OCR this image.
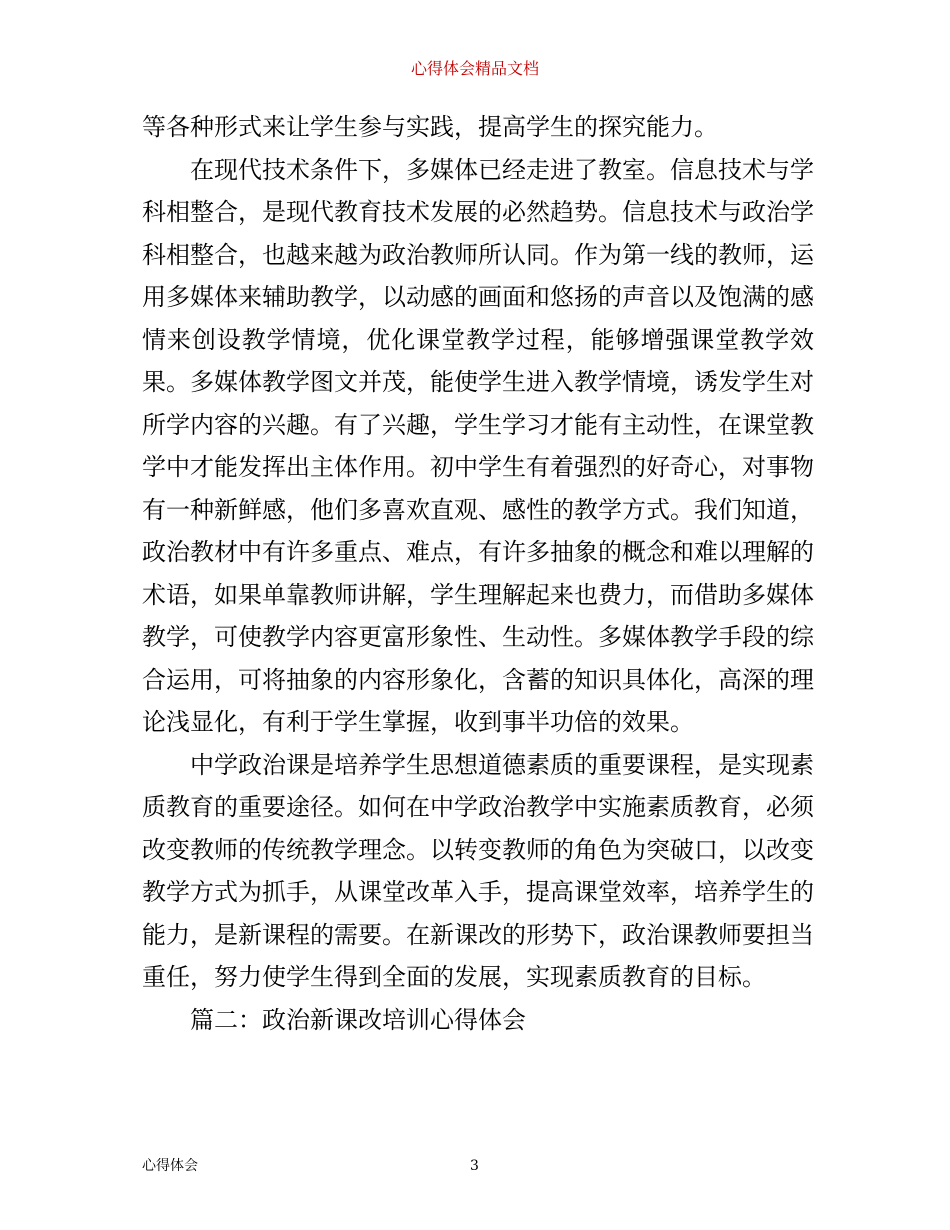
心得体会精品文档

等各种形式来让学生参与实践，提高学生的探究能力。

在现代技术条件下，多媒体已经走进了教室。信息技术与学科相整合，是现代教育技术发展的必然趋势。信息技术与政治学科相整合，也越来越为政治教师所认同。作为第一线的教师，运用多媒体来辅助教学，以动感的画面和悠扬的声音以及饱满的感情来创设教学情境，优化课堂教学过程，能够增强课堂教学效果。多媒体教学图文并茂，能使学生进入教学情境，诱发学生对所学内容的兴趣。有了兴趣，学生学习才能有主动性，在课堂教学中才能发挥出主体作用。初中学生有着强烈的好奇心，对事物有一种新鲜感，他们多喜欢直观、感性的教学方式。我们知道，政治教材中有许多重点、难点，有许多抽象的概念和难以理解的术语，如果单靠教师讲解，学生理解起来也费力，而借助多媒体教学，可使教学内容更富形象性、生动性。多媒体教学手段的综合运用，可将抽象的内容形象化，含蓄的知识具体化，高深的理论浅显化，有利于学生掌握，收到事半功倍的效果。

中学政治课是培养学生思想道德素质的重要课程，是实现素质教育的重要途径。如何在中学政治教学中实施素质教育，必须改变教师的传统教学理念。以转变教师的角色为突破口，以改变教学方式为抓手，从课堂改革入手，提高课堂效率，培养学生的能力，是新课程的需要。在新课改的形势下，政治课教师要担当重任，努力使学生得到全面的发展，实现素质教育的目标。

篇二：政治新课改培训心得体会

心得体会	3
